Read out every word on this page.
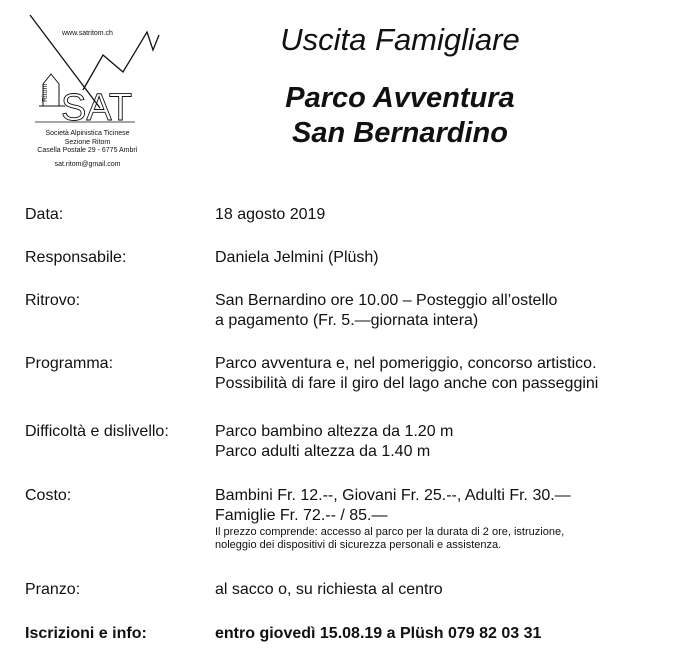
SAT
Ritom
www.satritom.ch
Società Alpinistica Ticinese
Sezione Ritom
Casella Postale 29 - 6775 Ambrì
sat.ritom@gmail.com
Uscita Famigliare
Parco Avventura
San Bernardino
Data:	18 agosto 2019
Responsabile:	Daniela Jelmini (Plüsh)
Ritrovo:	San Bernardino ore 10.00 – Posteggio all’ostello
a pagamento (Fr. 5.—giornata intera)
Programma:	Parco avventura e, nel pomeriggio, concorso artistico.
Possibilità di fare il giro del lago anche con passeggini
Difficoltà e dislivello:	Parco bambino altezza da 1.20 m
Parco adulti altezza da 1.40 m
Costo:	Bambini Fr. 12.--, Giovani Fr. 25.--, Adulti Fr. 30.—
Famiglie Fr. 72.-- / 85.—
Il prezzo comprende: accesso al parco per la durata di 2 ore, istruzione,
noleggio dei dispositivi di sicurezza personali e assistenza.
Pranzo:	al sacco o, su richiesta al centro
Iscrizioni e info:	entro giovedì 15.08.19 a Plüsh 079 82 03 31
